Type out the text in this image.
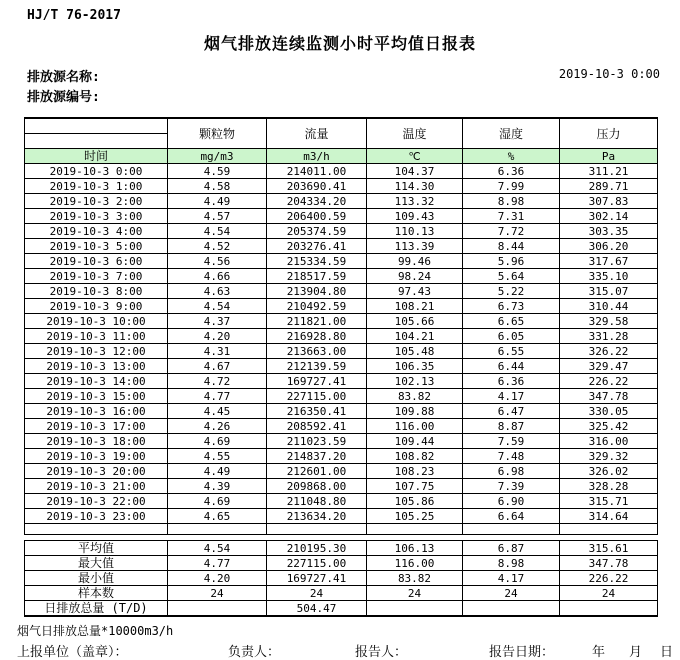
HJ/T 76-2017
烟气排放连续监测小时平均值日报表
排放源名称:
排放源编号:
2019-10-3 0:00
	颗粒物	流量	温度	湿度	压力

时间	mg/m3	m3/h	℃	%	Pa
2019-10-3 0:00	4.59	214011.00	104.37	6.36	311.21
2019-10-3 1:00	4.58	203690.41	114.30	7.99	289.71
2019-10-3 2:00	4.49	204334.20	113.32	8.98	307.83
2019-10-3 3:00	4.57	206400.59	109.43	7.31	302.14
2019-10-3 4:00	4.54	205374.59	110.13	7.72	303.35
2019-10-3 5:00	4.52	203276.41	113.39	8.44	306.20
2019-10-3 6:00	4.56	215334.59	99.46	5.96	317.67
2019-10-3 7:00	4.66	218517.59	98.24	5.64	335.10
2019-10-3 8:00	4.63	213904.80	97.43	5.22	315.07
2019-10-3 9:00	4.54	210492.59	108.21	6.73	310.44
2019-10-3 10:00	4.37	211821.00	105.66	6.65	329.58
2019-10-3 11:00	4.20	216928.80	104.21	6.05	331.28
2019-10-3 12:00	4.31	213663.00	105.48	6.55	326.22
2019-10-3 13:00	4.67	212139.59	106.35	6.44	329.47
2019-10-3 14:00	4.72	169727.41	102.13	6.36	226.22
2019-10-3 15:00	4.77	227115.00	83.82	4.17	347.78
2019-10-3 16:00	4.45	216350.41	109.88	6.47	330.05
2019-10-3 17:00	4.26	208592.41	116.00	8.87	325.42
2019-10-3 18:00	4.69	211023.59	109.44	7.59	316.00
2019-10-3 19:00	4.55	214837.20	108.82	7.48	329.32
2019-10-3 20:00	4.49	212601.00	108.23	6.98	326.02
2019-10-3 21:00	4.39	209868.00	107.75	7.39	328.28
2019-10-3 22:00	4.69	211048.80	105.86	6.90	315.71
2019-10-3 23:00	4.65	213634.20	105.25	6.64	314.64

平均值	4.54	210195.30	106.13	6.87	315.61
最大值	4.77	227115.00	116.00	8.98	347.78
最小值	4.20	169727.41	83.82	4.17	226.22
样本数	24	24	24	24	24
日排放总量 (T/D)		504.47			
烟气日排放总量*10000m3/h
上报单位（盖章）：	负责人：	报告人：	报告日期：	年 月 日
